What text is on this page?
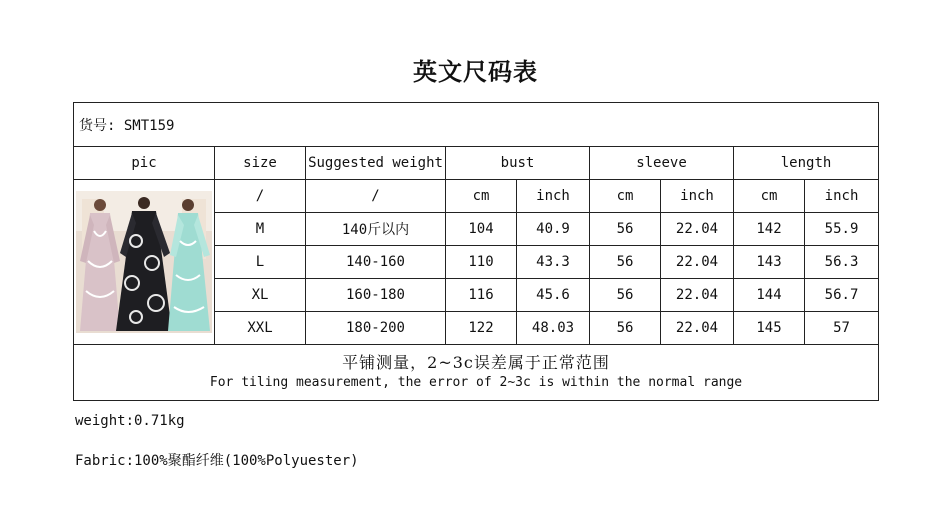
英文尺码表
货号: SMT159								
pic	size	Suggested weight	bust		sleeve		length	

	/	/	cm	inch	cm	inch	cm	inch
	M	140斤以内	104	40.9	56	22.04	142	55.9
	L	140-160	110	43.3	56	22.04	143	56.3
	XL	160-180	116	45.6	56	22.04	144	56.7
	XXL	180-200	122	48.03	56	22.04	145	57

平铺测量，2~3c误差属于正常范围
For tiling measurement, the error of 2~3c is within the normal range								
weight:0.71kg
Fabric:100%聚酯纤维(100%Polyuester)
